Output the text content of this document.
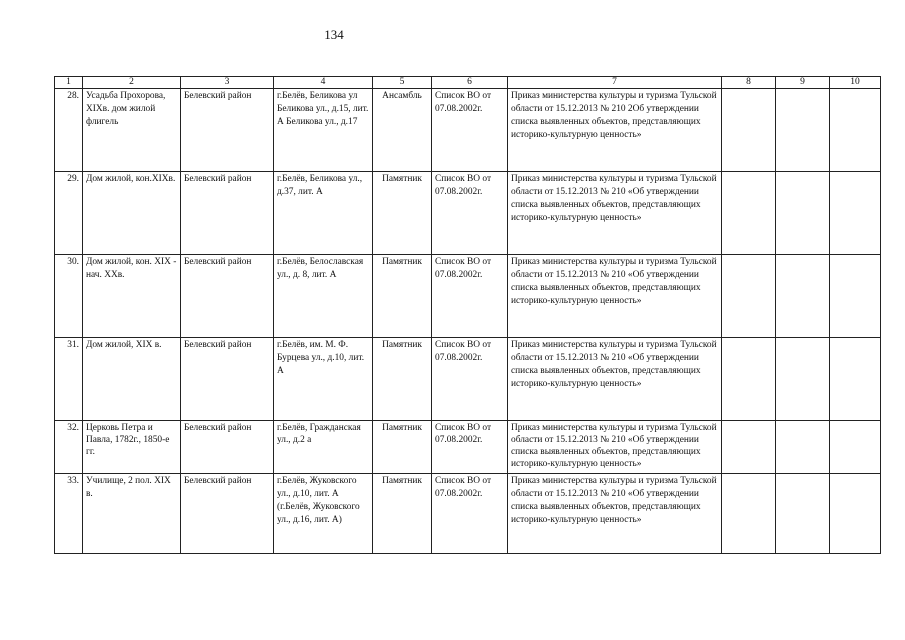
134
1	2	3	4	5	6	7	8	9	10
28.	Усадьба Прохорова, XIXв. дом жилой флигель	Белевский район	г.Белёв, Беликова ул Беликова ул., д.15, лит. А Беликова ул., д.17	Ансамбль	Список ВО от 07.08.2002г.	Приказ министерства культуры и туризма Тульской области от 15.12.2013 № 210 2Об утверждении списка выявленных объектов, представляющих историко-культурную ценность»			
29.	Дом жилой, кон.XIXв.	Белевский район	г.Белёв, Беликова ул., д.37, лит. А	Памятник	Список ВО от 07.08.2002г.	Приказ министерства культуры и туризма Тульской области от 15.12.2013 № 210 «Об утверждении списка выявленных объектов, представляющих историко-культурную ценность»			
30.	Дом жилой, кон. XIX - нач. XXв.	Белевский район	г.Белёв, Белославская ул., д. 8, лит. А	Памятник	Список ВО от 07.08.2002г.	Приказ министерства культуры и туризма Тульской области от 15.12.2013 № 210 «Об утверждении списка выявленных объектов, представляющих историко-культурную ценность»			
31.	Дом жилой, XIX в.	Белевский район	г.Белёв, им. М. Ф. Бурцева ул., д.10, лит. А	Памятник	Список ВО от 07.08.2002г.	Приказ министерства культуры и туризма Тульской области от 15.12.2013 № 210 «Об утверждении списка выявленных объектов, представляющих историко-культурную ценность»			
32.	Церковь Петра и Павла, 1782г., 1850-е гг.	Белевский район	г.Белёв, Гражданская ул., д.2 а	Памятник	Список ВО от 07.08.2002г.	Приказ министерства культуры и туризма Тульской области от 15.12.2013 № 210 «Об утверждении списка выявленных объектов, представляющих историко-культурную ценность»			
33.	Училище, 2 пол. XIX в.	Белевский район	г.Белёв, Жуковского ул., д.10, лит. А (г.Белёв, Жуковского ул., д.16, лит. А)	Памятник	Список ВО от 07.08.2002г.	Приказ министерства культуры и туризма Тульской области от 15.12.2013 № 210 «Об утверждении списка выявленных объектов, представляющих историко-культурную ценность»			
